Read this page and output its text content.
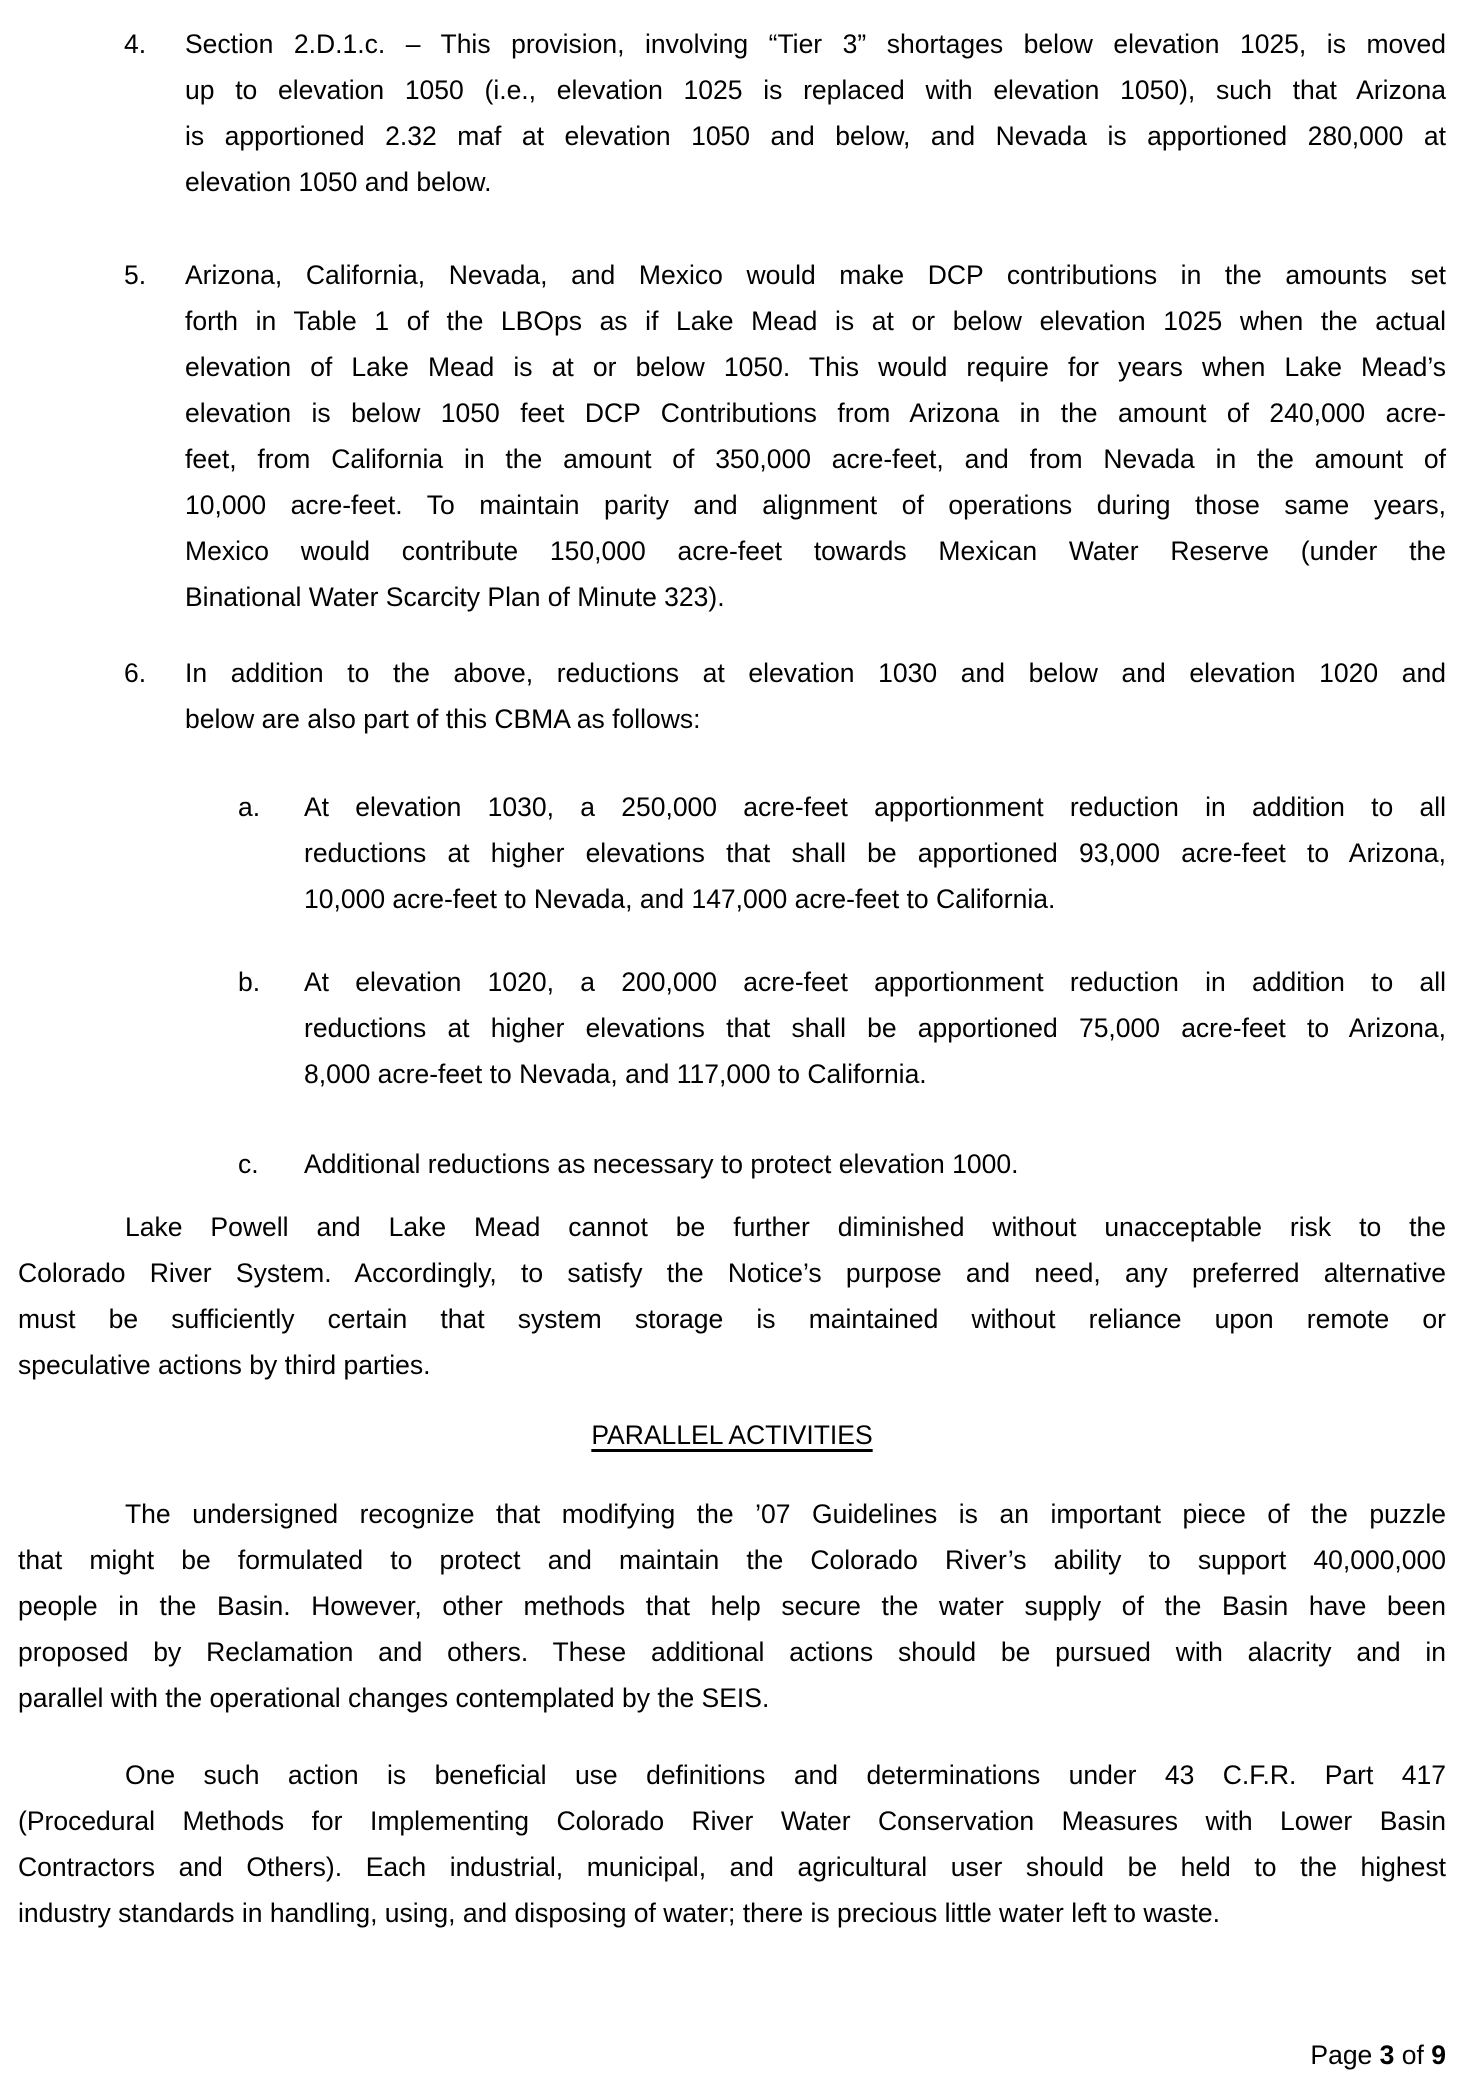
4. Section 2.D.1.c. – This provision, involving “Tier 3” shortages below elevation 1025, is moved
up to elevation 1050 (i.e., elevation 1025 is replaced with elevation 1050), such that Arizona
is apportioned 2.32 maf at elevation 1050 and below, and Nevada is apportioned 280,000 at
elevation 1050 and below.
5. Arizona, California, Nevada, and Mexico would make DCP contributions in the amounts set
forth in Table 1 of the LBOps as if Lake Mead is at or below elevation 1025 when the actual
elevation of Lake Mead is at or below 1050. This would require for years when Lake Mead’s
elevation is below 1050 feet DCP Contributions from Arizona in the amount of 240,000 acre-
feet, from California in the amount of 350,000 acre-feet, and from Nevada in the amount of
10,000 acre-feet. To maintain parity and alignment of operations during those same years,
Mexico would contribute 150,000 acre-feet towards Mexican Water Reserve (under the
Binational Water Scarcity Plan of Minute 323).
6. In addition to the above, reductions at elevation 1030 and below and elevation 1020 and
below are also part of this CBMA as follows:
a. At elevation 1030, a 250,000 acre-feet apportionment reduction in addition to all
reductions at higher elevations that shall be apportioned 93,000 acre-feet to Arizona,
10,000 acre-feet to Nevada, and 147,000 acre-feet to California.
b. At elevation 1020, a 200,000 acre-feet apportionment reduction in addition to all
reductions at higher elevations that shall be apportioned 75,000 acre-feet to Arizona,
8,000 acre-feet to Nevada, and 117,000 to California.
c. Additional reductions as necessary to protect elevation 1000.
Lake Powell and Lake Mead cannot be further diminished without unacceptable risk to the
Colorado River System. Accordingly, to satisfy the Notice’s purpose and need, any preferred alternative
must be sufficiently certain that system storage is maintained without reliance upon remote or
speculative actions by third parties.
PARALLEL ACTIVITIES
The undersigned recognize that modifying the ’07 Guidelines is an important piece of the puzzle
that might be formulated to protect and maintain the Colorado River’s ability to support 40,000,000
people in the Basin. However, other methods that help secure the water supply of the Basin have been
proposed by Reclamation and others. These additional actions should be pursued with alacrity and in
parallel with the operational changes contemplated by the SEIS.
One such action is beneficial use definitions and determinations under 43 C.F.R. Part 417
(Procedural Methods for Implementing Colorado River Water Conservation Measures with Lower Basin
Contractors and Others). Each industrial, municipal, and agricultural user should be held to the highest
industry standards in handling, using, and disposing of water; there is precious little water left to waste.
Page 3 of 9
